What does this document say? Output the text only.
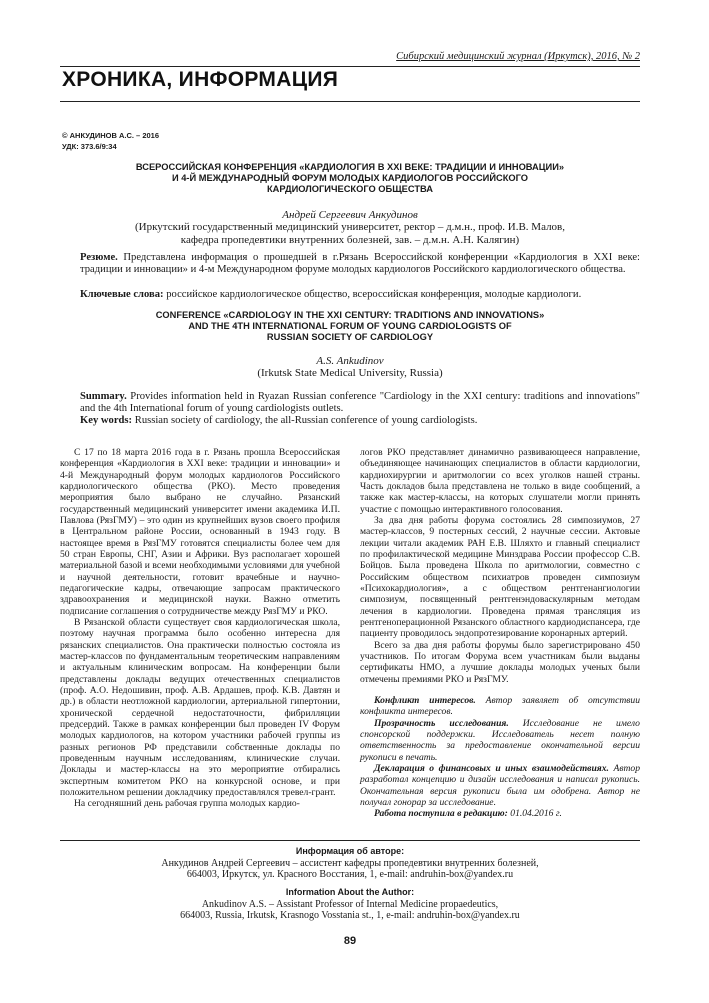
Сибирский медицинский журнал (Иркутск), 2016, № 2
ХРОНИКА, ИНФОРМАЦИЯ
© АНКУДИНОВ А.С. – 2016
УДК: 373.6/9:34
ВСЕРОССИЙСКАЯ КОНФЕРЕНЦИЯ «КАРДИОЛОГИЯ В XXI ВЕКЕ: ТРАДИЦИИ И ИННОВАЦИИ»
И 4-Й МЕЖДУНАРОДНЫЙ ФОРУМ МОЛОДЫХ КАРДИОЛОГОВ РОССИЙСКОГО
КАРДИОЛОГИЧЕСКОГО ОБЩЕСТВА
Андрей Сергеевич Анкудинов
(Иркутский государственный медицинский университет, ректор – д.м.н., проф. И.В. Малов,
кафедра пропедевтики внутренних болезней, зав. – д.м.н. А.Н. Калягин)
Резюме. Представлена информация о прошедшей в г.Рязань Всероссийской конференции «Кардиология в XXI веке: традиции и инновации» и 4-м Международном форуме молодых кардиологов Российского кардиологического общества.
Ключевые слова: российское кардиологическое общество, всероссийская конференция, молодые кардиологи.
CONFERENCE «CARDIOLOGY IN THE XXI CENTURY: TRADITIONS AND INNOVATIONS»
AND THE 4TH INTERNATIONAL FORUM OF YOUNG CARDIOLOGISTS OF
RUSSIAN SOCIETY OF CARDIOLOGY
A.S. Ankudinov
(Irkutsk State Medical University, Russia)
Summary. Provides information held in Ryazan Russian conference "Cardiology in the XXI century: traditions and innovations" and the 4th International forum of young cardiologists outlets.
Key words: Russian society of cardiology, the all-Russian conference of young cardiologists.

С 17 по 18 марта 2016 года в г. Рязань прошла Всероссийская конференция «Кардиология в XXI веке: традиции и инновации» и 4-й Международный форум молодых кардиологов Российского кардиологического общества (РКО). Место проведения мероприятия было выбрано не случайно. Рязанский государственный медицинский университет имени академика И.П. Павлова (РязГМУ) – это один из крупнейших вузов своего профиля в Центральном районе России, основанный в 1943 году. В настоящее время в РязГМУ готовятся специалисты более чем для 50 стран Европы, СНГ, Азии и Африки. Вуз располагает хорошей материальной базой и всеми необходимыми условиями для учебной и научной деятельности, готовит врачебные и научно-педагогические кадры, отвечающие запросам практического здравоохранения и медицинской науки. Важно отметить подписание соглашения о сотрудничестве между РязГМУ и РКО.

В Рязанской области существует своя кардиологическая школа, поэтому научная программа было особенно интересна для рязанских специалистов. Она практически полностью состояла из мастер-классов по фундаментальным теоретическим направлениям и актуальным клиническим вопросам. На конференции были представлены доклады ведущих отечественных специалистов (проф. А.О. Недошивин, проф. А.В. Ардашев, проф. К.В. Давтян и др.) в области неотложной кардиологии, артериальной гипертонии, хронической сердечной недостаточности, фибрилляции предсердий. Также в рамках конференции был проведен IV Форум молодых кардиологов, на котором участники рабочей группы из разных регионов РФ представили собственные доклады по проведенным научным исследованиям, клинические случаи. Доклады и мастер-классы на это мероприятие отбирались экспертным комитетом РКО на конкурсной основе, и при положительном решении докладчику предоставлялся тревел-грант.

На сегодняшний день рабочая группа молодых кардио-

логов РКО представляет динамично развивающееся направление, объединяющее начинающих специалистов в области кардиологии, кардиохирургии и аритмологии со всех уголков нашей страны. Часть докладов была представлена не только в виде сообщений, а также как мастер-классы, на которых слушатели могли принять участие с помощью интерактивного голосования.

За два дня работы форума состоялись 28 симпозиумов, 27 мастер-классов, 9 постерных сессий, 2 научные сессии. Актовые лекции читали академик РАН Е.В. Шляхто и главный специалист по профилактической медицине Минздрава России профессор С.В. Бойцов. Была проведена Школа по аритмологии, совместно с Российским обществом психиатров проведен симпозиум «Психокардиология», а с обществом рентгенангиологии симпозиум, посвященный рентгенэндоваскулярным методам лечения в кардиологии. Проведена прямая трансляция из рентгеноперационной Рязанского областного кардиодиспансера, где пациенту проводилось эндопротезирование коронарных артерий.

Всего за два дня работы форумы было зарегистрировано 450 участников. По итогам Форума всем участникам были выданы сертификаты НМО, а лучшие доклады молодых ученых были отмечены премиями РКО и РязГМУ.

Конфликт интересов. Автор заявляет об отсутствии конфликта интересов.

Прозрачность исследования. Исследование не имело спонсорской поддержки. Исследователь несет полную ответственность за предоставление окончательной версии рукописи в печать.

Декларация о финансовых и иных взаимодействиях. Автор разработал концепцию и дизайн исследования и написал рукопись. Окончательная версия рукописи была им одобрена. Автор не получал гонорар за исследование.

Работа поступила в редакцию: 01.04.2016 г.

Информация об авторе:
Анкудинов Андрей Сергеевич – ассистент кафедры пропедевтики внутренних болезней,
664003, Иркутск, ул. Красного Восстания, 1, e-mail: andruhin-box@yandex.ru
Information About the Author:
Ankudinov A.S. – Assistant Professor of Internal Medicine propaedeutics,
664003, Russia, Irkutsk, Krasnogo Vosstania st., 1, e-mail: andruhin-box@yandex.ru
89
